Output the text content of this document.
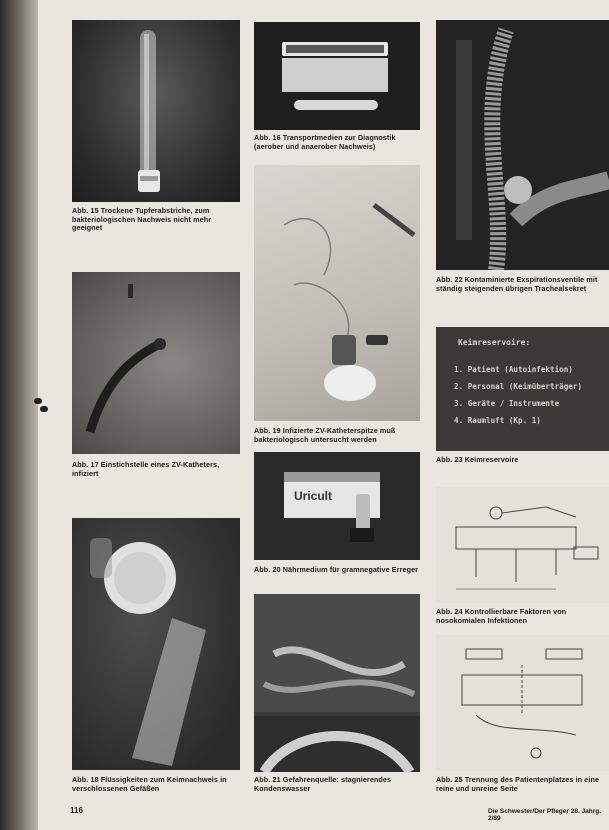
Abb. 15 Trockene Tupferabstriche, zum bakteriologischen Nachweis nicht mehr geeignet
Abb. 16 Transportmedien zur Diagnostik (aerober und anaerober Nachweis)
Abb. 17 Einstichstelle eines ZV-Katheters, infiziert
Abb. 18 Flüssigkeiten zum Keimnachweis in verschlossenen Gefäßen
Abb. 19 Infizierte ZV-Katheterspitze muß bakteriologisch untersucht werden
Uricult
Abb. 20 Nährmedium für gramnegative Erreger
Abb. 21 Gefahrenquelle: stagnierendes Kondenswasser
Abb. 22 Kontaminierte Exspirationsventile mit ständig steigenden übrigen Trachealsekret
Keimreservoire:
1. Patient (Autoinfektion)
2. Personal (Keimüberträger)
3. Geräte / Instrumente
4. Raumluft (Kp. 1)
Abb. 23 Keimreservoire
Abb. 24 Kontrollierbare Faktoren von nosokomialen Infektionen
Abb. 25 Trennung des Patientenplatzes in eine reine und unreine Seite
116	Die Schwester/Der Pfleger 28. Jahrg. 2/89
